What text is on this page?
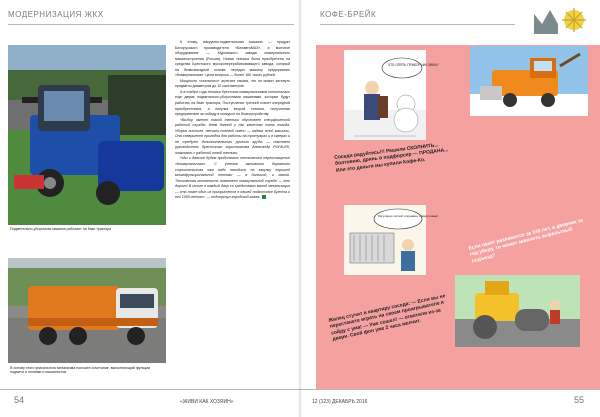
МОДЕРНИЗАЦИЯ ЖКХ
Подметально-уборочная машина работает на базе трактора
В основу этого уникального механизма положен сочетание, выполняющий функции подмети и поливки и машинистов

К этому, вакуумно-подметальная машина — продукт Белорусского производителя «БелавтоМАЗ», а моечное оборудование — Муромского завода коммунального машиностроения (Россия). Новая техника была приобретена на средства Брестского мусороперерабатывающего завода, который на безвозмездной основе передал машину предприятию «Коммунальник». Цена вопроса — более 160 тысяч рублей.

Мощность «стального» агрегата такова, что он может затянуть предметы диаметром до 10 сантиметров.

А в ноябре года техника брестских коммунальников пополнилась еще двумя подметально-уборочными машинами, которые будут работать на базе трактора. Поступление третьей станет очередной приобретением, а покупка второй техники, полученная предприятием за победу в конкурсе по благоустройству.

«Выбор именно такой техники обусловлен специфической работой службы: днем данной у нас качество очень погода. Уборка листьев, песчано-солевой смеси — задача этой машины. Она совершенно пригодна для работы на тротуарах и в скверах и не требует дополнительного ручного груда, — поясняет руководитель Брестского горисполкома Александр РОГАЧУК, знакомясь с работой новой техники.

«Мы и дальше будем продолжать техническое переоснащение «Коммунальника». С учетом активного дорожного строительства нам надо находить на закупку хорошей многофункциональной техники — в большой, и малой. Техническая готовность позволяет коммунальной службе — это дорого! В итоге в каждый двор со средствами малой механизации — это тоже один из приоритетов в нашей подготовке Бреста к его 1000-летию», — подчеркнул городской глава.

54	«ЖИВИ КАК ХОЗЯИН»
КОФЕ-БРЕЙК
ЧТО ОПЯТЬ ПРИБОРЧИК ЗИМА?
Соседи радуйтесь!!! Решили СКОЛНИТЬ... болтовню, дрянь в подфорсер — ПРОДАНА... Или это деньги мы купили Кофе-Ко.
Регулярно теплой открываю, прикручиваю!
Если пакет разложится за 140 лет, а дворник за год уберу, то может завалить асфальтный подъезд?
Жилец стучит в квартиру соседа: — Если вы не перестанете играть на своем проигрывателе я сойду с ума! — Уже сошел! — ответили из-за двери. Свой фон уже 2 часа молчит.
12 (123) ДЕКАБРЬ 2016	55
